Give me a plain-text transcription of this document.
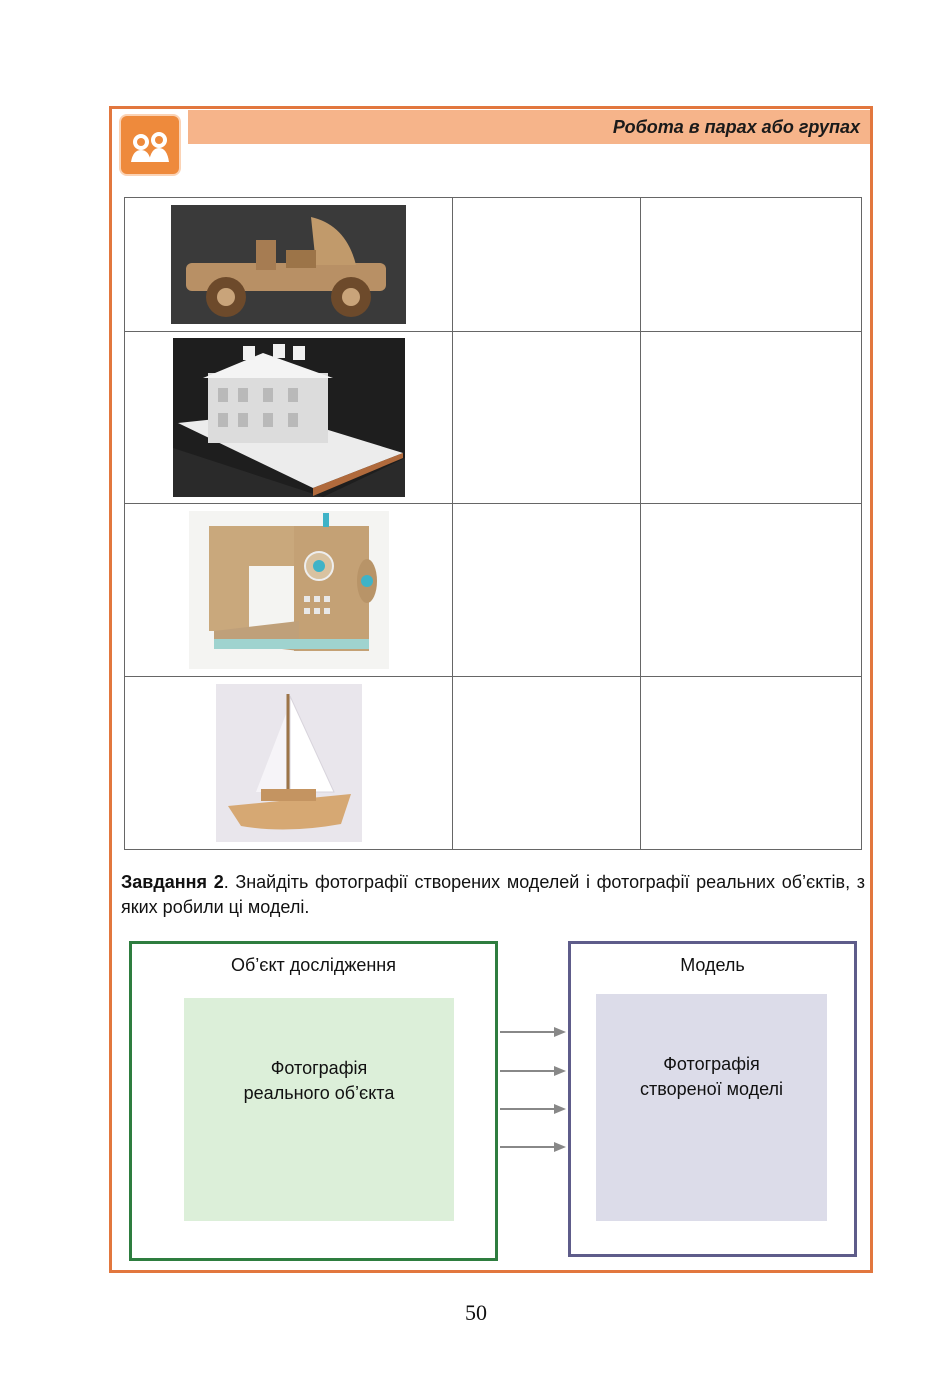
Робота в парах або групах

Завдання 2. Знайдіть фотографії створених моделей і фотографії реальних об’єктів, з яких робили ці моделі.
Об’єкт дослідження
Фотографія
реального об’єкта
Модель
Фотографія
створеної моделі
50
